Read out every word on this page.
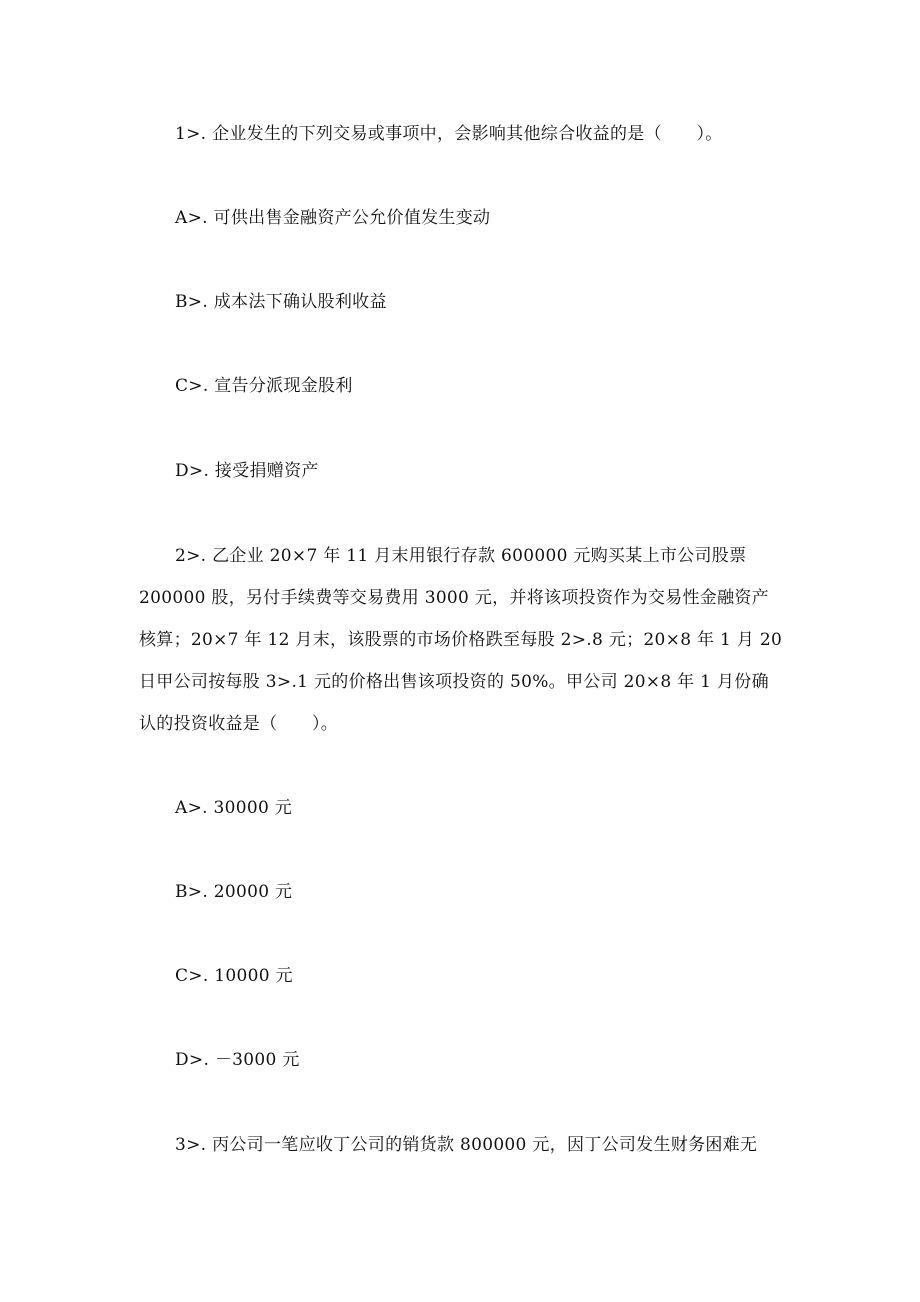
1>. 企业发生的下列交易或事项中，会影响其他综合收益的是（　　）。
A>. 可供出售金融资产公允价值发生变动
B>. 成本法下确认股利收益
C>. 宣告分派现金股利
D>. 接受捐赠资产
2>. 乙企业 20×7 年 11 月末用银行存款 600000 元购买某上市公司股票
200000 股，另付手续费等交易费用 3000 元，并将该项投资作为交易性金融资产
核算；20×7 年 12 月末，该股票的市场价格跌至每股 2>.8 元；20×8 年 1 月 20
日甲公司按每股 3>.1 元的价格出售该项投资的 50%。甲公司 20×8 年 1 月份确
认的投资收益是（　　）。
A>. 30000 元
B>. 20000 元
C>. 10000 元
D>. －3000 元
3>. 丙公司一笔应收丁公司的销货款 800000 元，因丁公司发生财务困难无
